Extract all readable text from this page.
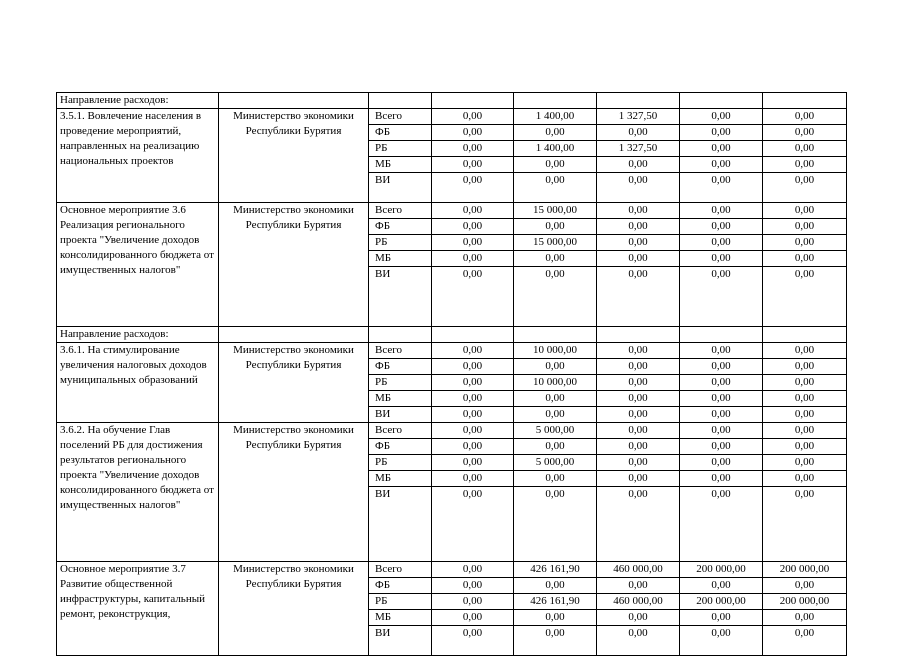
Направление расходов:							
3.5.1. Вовлечение населения в проведение мероприятий, направленных на реализацию национальных проектов	Министерство экономики Республики Бурятия	Всего	0,00	1 400,00	1 327,50	0,00	0,00
		ФБ	0,00	0,00	0,00	0,00	0,00
		РБ	0,00	1 400,00	1 327,50	0,00	0,00
		МБ	0,00	0,00	0,00	0,00	0,00
		ВИ	0,00	0,00	0,00	0,00	0,00
Основное мероприятие 3.6 Реализация регионального проекта "Увеличение доходов консолидированного бюджета от имущественных налогов"	Министерство экономики Республики Бурятия	Всего	0,00	15 000,00	0,00	0,00	0,00
		ФБ	0,00	0,00	0,00	0,00	0,00
		РБ	0,00	15 000,00	0,00	0,00	0,00
		МБ	0,00	0,00	0,00	0,00	0,00
		ВИ	0,00	0,00	0,00	0,00	0,00
Направление расходов:							
3.6.1. На стимулирование увеличения налоговых доходов муниципальных образований	Министерство экономики Республики Бурятия	Всего	0,00	10 000,00	0,00	0,00	0,00
		ФБ	0,00	0,00	0,00	0,00	0,00
		РБ	0,00	10 000,00	0,00	0,00	0,00
		МБ	0,00	0,00	0,00	0,00	0,00
		ВИ	0,00	0,00	0,00	0,00	0,00
3.6.2. На обучение Глав поселений РБ для достижения результатов регионального проекта "Увеличение доходов консолидированного бюджета от имущественных налогов"	Министерство экономики Республики Бурятия	Всего	0,00	5 000,00	0,00	0,00	0,00
		ФБ	0,00	0,00	0,00	0,00	0,00
		РБ	0,00	5 000,00	0,00	0,00	0,00
		МБ	0,00	0,00	0,00	0,00	0,00
		ВИ	0,00	0,00	0,00	0,00	0,00
Основное мероприятие 3.7 Развитие общественной инфраструктуры, капитальный ремонт, реконструкция,	Министерство экономики Республики Бурятия	Всего	0,00	426 161,90	460 000,00	200 000,00	200 000,00
		ФБ	0,00	0,00	0,00	0,00	0,00
		РБ	0,00	426 161,90	460 000,00	200 000,00	200 000,00
		МБ	0,00	0,00	0,00	0,00	0,00
		ВИ	0,00	0,00	0,00	0,00	0,00
